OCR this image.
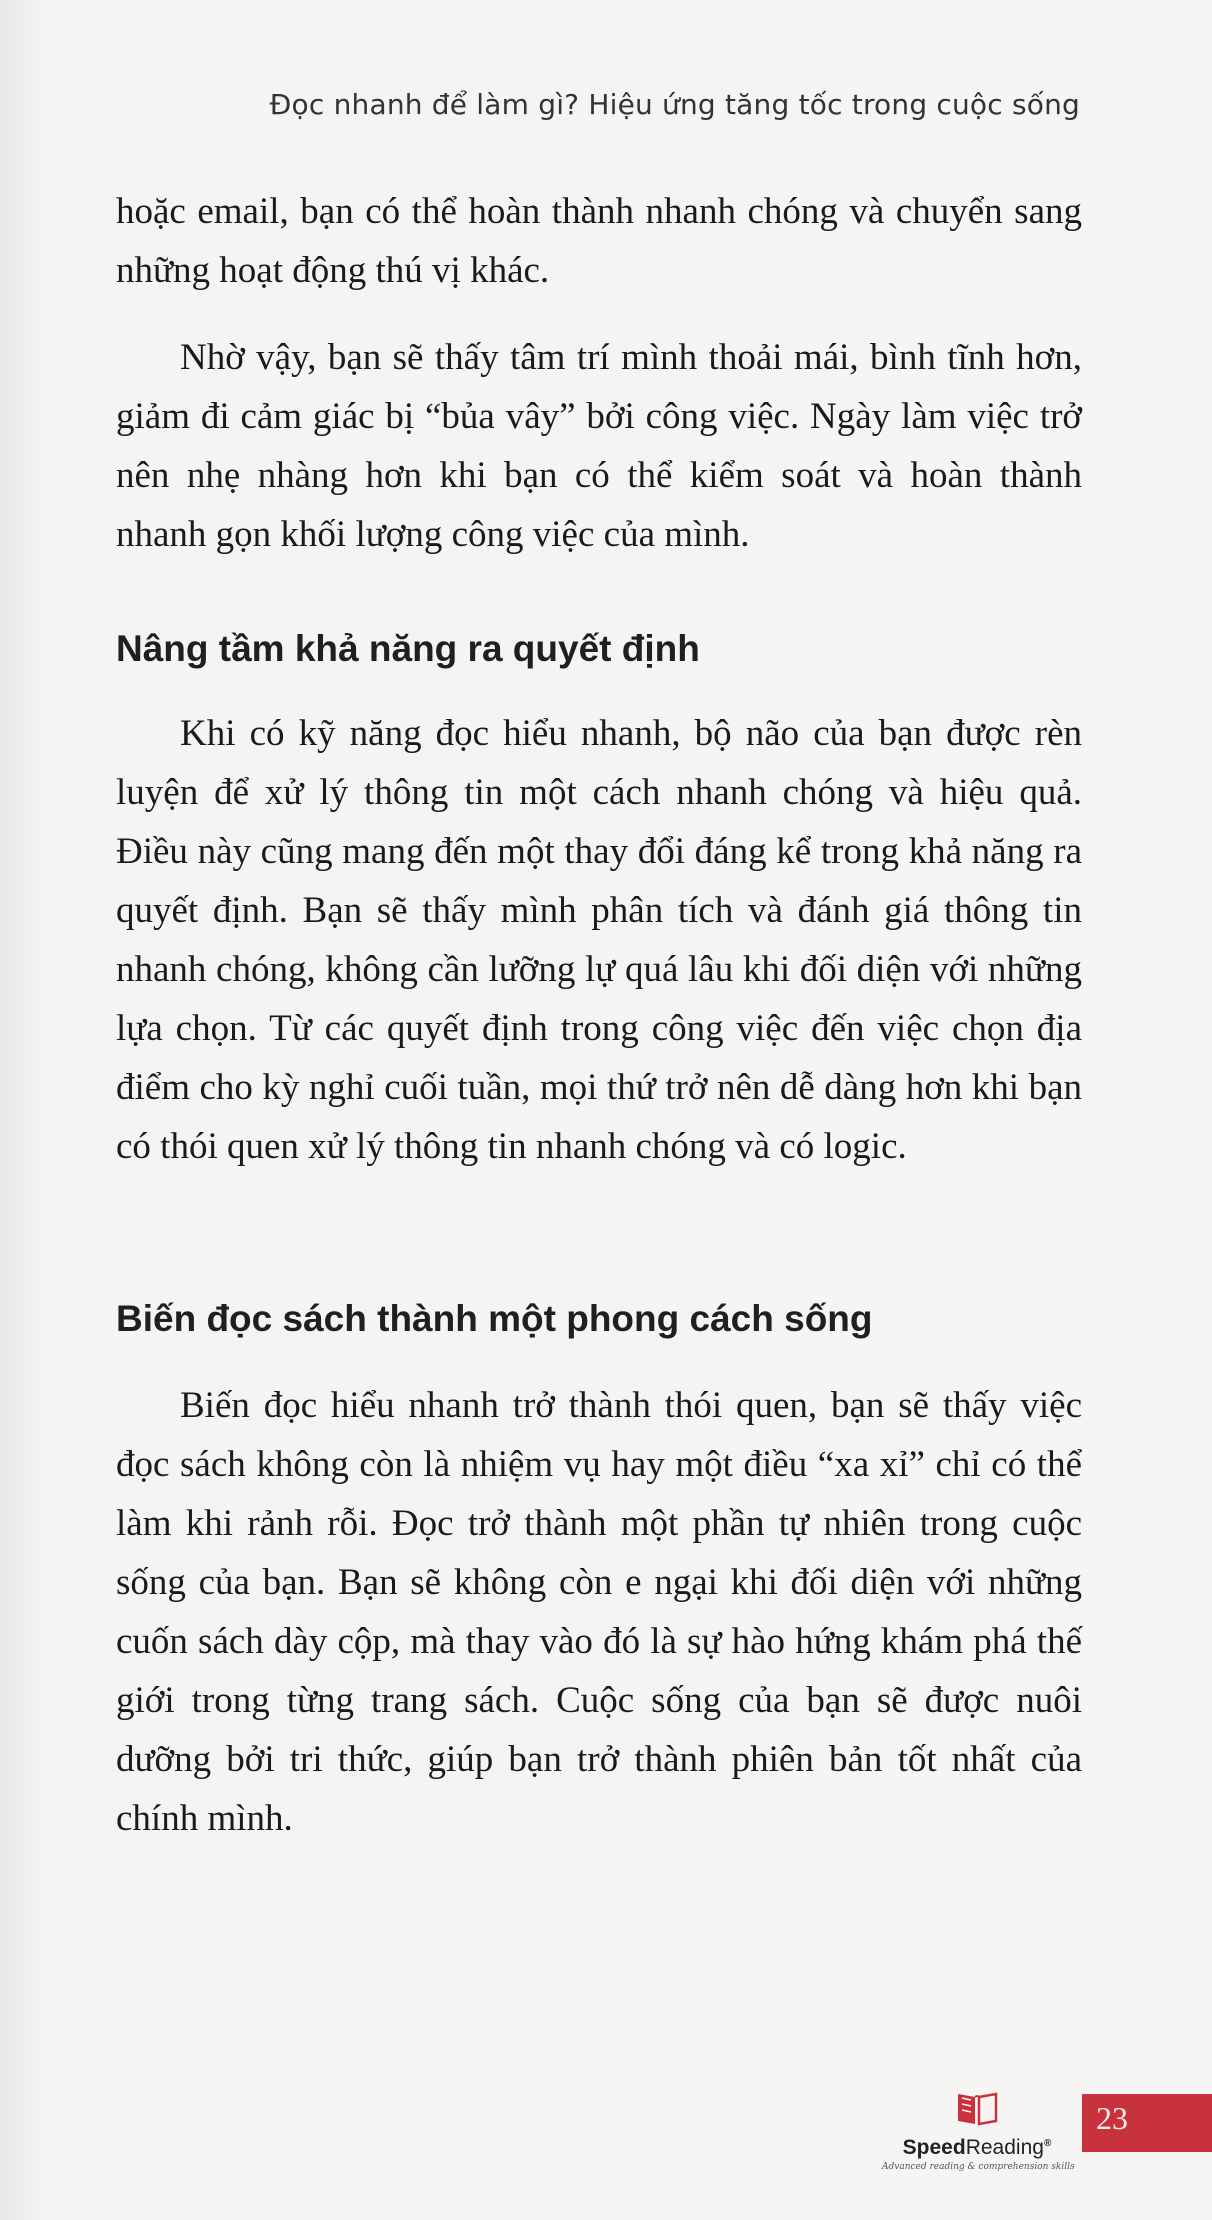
Đọc nhanh để làm gì? Hiệu ứng tăng tốc trong cuộc sống

hoặc email, bạn có thể hoàn thành nhanh chóng và chuyển sang những hoạt động thú vị khác.

Nhờ vậy, bạn sẽ thấy tâm trí mình thoải mái, bình tĩnh hơn, giảm đi cảm giác bị “bủa vây” bởi công việc. Ngày làm việc trở nên nhẹ nhàng hơn khi bạn có thể kiểm soát và hoàn thành nhanh gọn khối lượng công việc của mình.

Nâng tầm khả năng ra quyết định

Khi có kỹ năng đọc hiểu nhanh, bộ não của bạn được rèn luyện để xử lý thông tin một cách nhanh chóng và hiệu quả. Điều này cũng mang đến một thay đổi đáng kể trong khả năng ra quyết định. Bạn sẽ thấy mình phân tích và đánh giá thông tin nhanh chóng, không cần lưỡng lự quá lâu khi đối diện với những lựa chọn. Từ các quyết định trong công việc đến việc chọn địa điểm cho kỳ nghỉ cuối tuần, mọi thứ trở nên dễ dàng hơn khi bạn có thói quen xử lý thông tin nhanh chóng và có logic.

Biến đọc sách thành một phong cách sống

Biến đọc hiểu nhanh trở thành thói quen, bạn sẽ thấy việc đọc sách không còn là nhiệm vụ hay một điều “xa xỉ” chỉ có thể làm khi rảnh rỗi. Đọc trở thành một phần tự nhiên trong cuộc sống của bạn. Bạn sẽ không còn e ngại khi đối diện với những cuốn sách dày cộp, mà thay vào đó là sự hào hứng khám phá thế giới trong từng trang sách. Cuộc sống của bạn sẽ được nuôi dưỡng bởi tri thức, giúp bạn trở thành phiên bản tốt nhất của chính mình.

SpeedReading®
Advanced reading & comprehension skills
23
